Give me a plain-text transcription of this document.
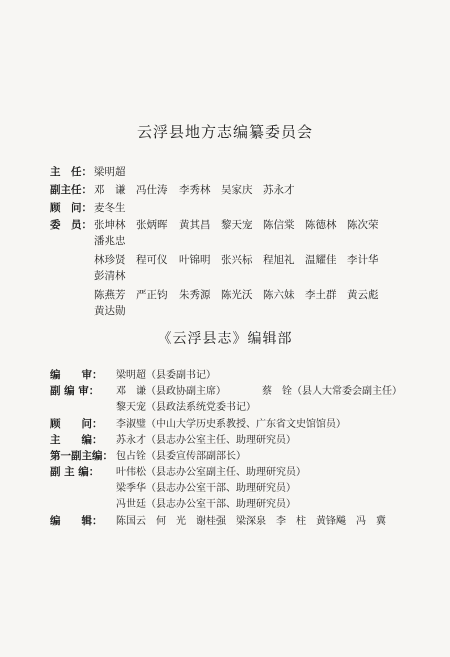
云浮县地方志编纂委员会
主　任： 梁明超
副主任： 邓　谦 冯仕涛 李秀林 吴家庆 苏永才
顾　问： 麦冬生
委　员： 张坤林 张炳晖 黄其昌 黎天宠 陈信棠 陈德林 陈次荣
潘兆忠
林珍贤 程可仪 叶锦明 张兴标 程旭礼 温耀佳 李计华
彭清林
陈燕芳 严正钧 朱秀源 陈光沃 陈六妹 李土群 黄云彪
黄达勋
《云浮县志》编辑部
编　　审： 梁明超（县委副书记）
副 编 审： 邓　谦（县政协副主席）	蔡　铨（县人大常委会副主任）
黎天宠（县政法系统党委书记）
顾　　问： 李淑璧（中山大学历史系教授、广东省文史馆馆员）
主　　编： 苏永才（县志办公室主任、助理研究员）
第一副主编： 包占铨（县委宣传部副部长）
副 主 编： 叶伟松（县志办公室副主任、助理研究员）
梁季华（县志办公室干部、助理研究员）
冯世廷（县志办公室干部、助理研究员）
编　　辑： 陈国云　何　光　谢桂强　梁深泉　李　柱　黄锋飚　冯　冀
